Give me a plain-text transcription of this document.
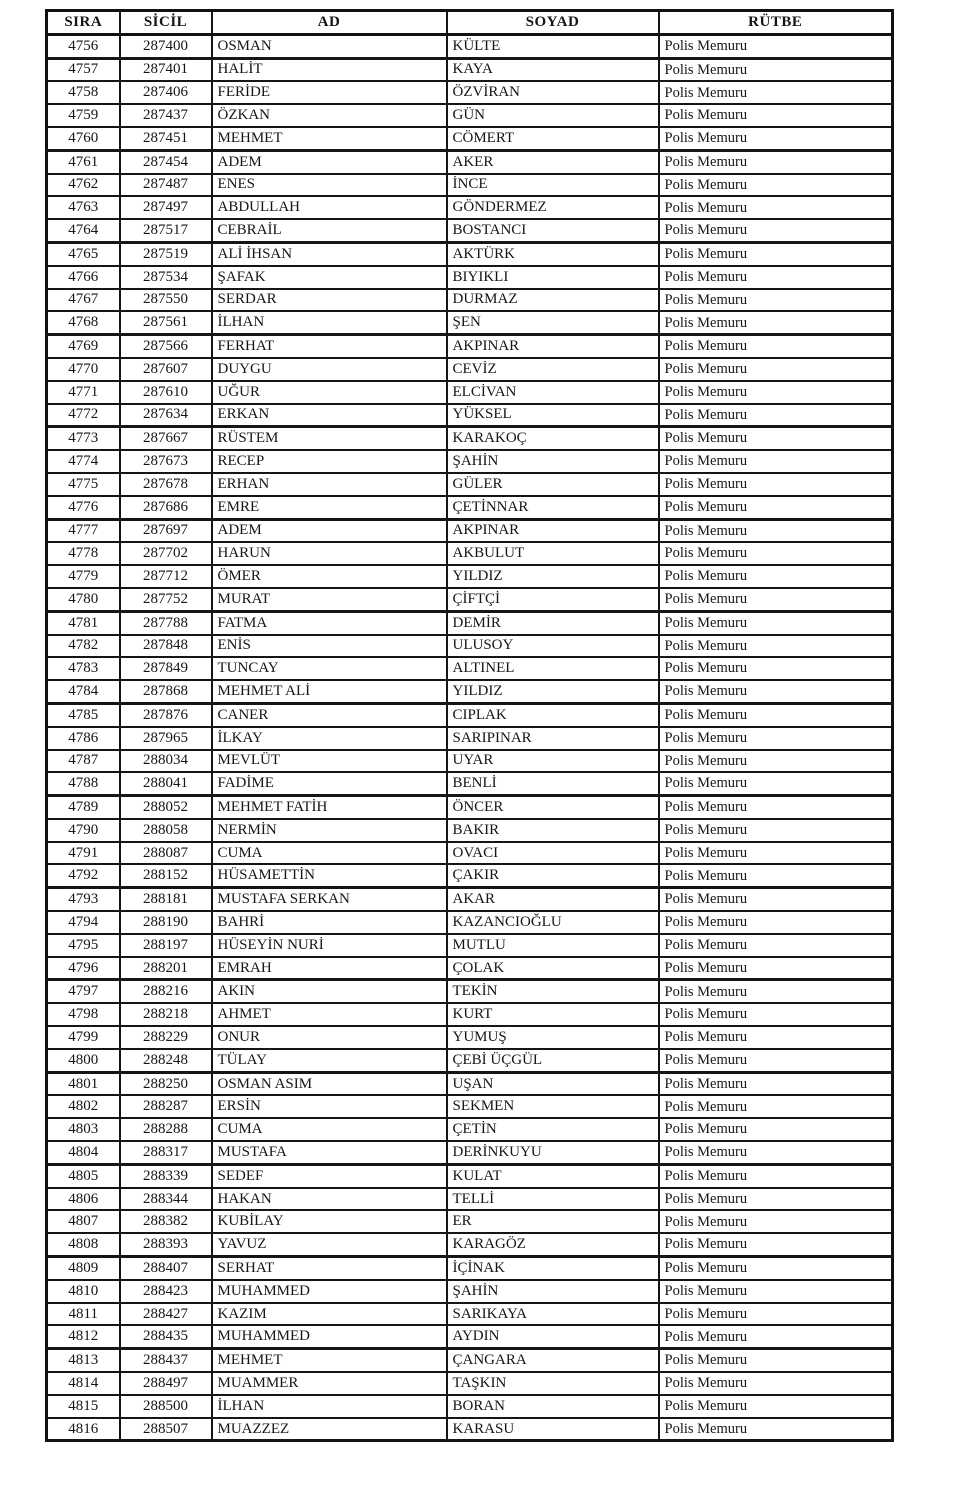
SIRA	SİCİL	AD	SOYAD	RÜTBE
4756	287400	OSMAN	KÜLTE	Polis Memuru
4757	287401	HALİT	KAYA	Polis Memuru
4758	287406	FERİDE	ÖZVİRAN	Polis Memuru
4759	287437	ÖZKAN	GÜN	Polis Memuru
4760	287451	MEHMET	CÖMERT	Polis Memuru
4761	287454	ADEM	AKER	Polis Memuru
4762	287487	ENES	İNCE	Polis Memuru
4763	287497	ABDULLAH	GÖNDERMEZ	Polis Memuru
4764	287517	CEBRAİL	BOSTANCI	Polis Memuru
4765	287519	ALİ İHSAN	AKTÜRK	Polis Memuru
4766	287534	ŞAFAK	BIYIKLI	Polis Memuru
4767	287550	SERDAR	DURMAZ	Polis Memuru
4768	287561	İLHAN	ŞEN	Polis Memuru
4769	287566	FERHAT	AKPINAR	Polis Memuru
4770	287607	DUYGU	CEVİZ	Polis Memuru
4771	287610	UĞUR	ELCİVAN	Polis Memuru
4772	287634	ERKAN	YÜKSEL	Polis Memuru
4773	287667	RÜSTEM	KARAKOÇ	Polis Memuru
4774	287673	RECEP	ŞAHİN	Polis Memuru
4775	287678	ERHAN	GÜLER	Polis Memuru
4776	287686	EMRE	ÇETİNNAR	Polis Memuru
4777	287697	ADEM	AKPINAR	Polis Memuru
4778	287702	HARUN	AKBULUT	Polis Memuru
4779	287712	ÖMER	YILDIZ	Polis Memuru
4780	287752	MURAT	ÇİFTÇİ	Polis Memuru
4781	287788	FATMA	DEMİR	Polis Memuru
4782	287848	ENİS	ULUSOY	Polis Memuru
4783	287849	TUNCAY	ALTINEL	Polis Memuru
4784	287868	MEHMET ALİ	YILDIZ	Polis Memuru
4785	287876	CANER	CIPLAK	Polis Memuru
4786	287965	İLKAY	SARIPINAR	Polis Memuru
4787	288034	MEVLÜT	UYAR	Polis Memuru
4788	288041	FADİME	BENLİ	Polis Memuru
4789	288052	MEHMET FATİH	ÖNCER	Polis Memuru
4790	288058	NERMİN	BAKIR	Polis Memuru
4791	288087	CUMA	OVACI	Polis Memuru
4792	288152	HÜSAMETTİN	ÇAKIR	Polis Memuru
4793	288181	MUSTAFA SERKAN	AKAR	Polis Memuru
4794	288190	BAHRİ	KAZANCIOĞLU	Polis Memuru
4795	288197	HÜSEYİN NURİ	MUTLU	Polis Memuru
4796	288201	EMRAH	ÇOLAK	Polis Memuru
4797	288216	AKIN	TEKİN	Polis Memuru
4798	288218	AHMET	KURT	Polis Memuru
4799	288229	ONUR	YUMUŞ	Polis Memuru
4800	288248	TÜLAY	ÇEBİ ÜÇGÜL	Polis Memuru
4801	288250	OSMAN ASIM	UŞAN	Polis Memuru
4802	288287	ERSİN	SEKMEN	Polis Memuru
4803	288288	CUMA	ÇETİN	Polis Memuru
4804	288317	MUSTAFA	DERİNKUYU	Polis Memuru
4805	288339	SEDEF	KULAT	Polis Memuru
4806	288344	HAKAN	TELLİ	Polis Memuru
4807	288382	KUBİLAY	ER	Polis Memuru
4808	288393	YAVUZ	KARAGÖZ	Polis Memuru
4809	288407	SERHAT	İÇİNAK	Polis Memuru
4810	288423	MUHAMMED	ŞAHİN	Polis Memuru
4811	288427	KAZIM	SARIKAYA	Polis Memuru
4812	288435	MUHAMMED	AYDIN	Polis Memuru
4813	288437	MEHMET	ÇANGARA	Polis Memuru
4814	288497	MUAMMER	TAŞKIN	Polis Memuru
4815	288500	İLHAN	BORAN	Polis Memuru
4816	288507	MUAZZEZ	KARASU	Polis Memuru
